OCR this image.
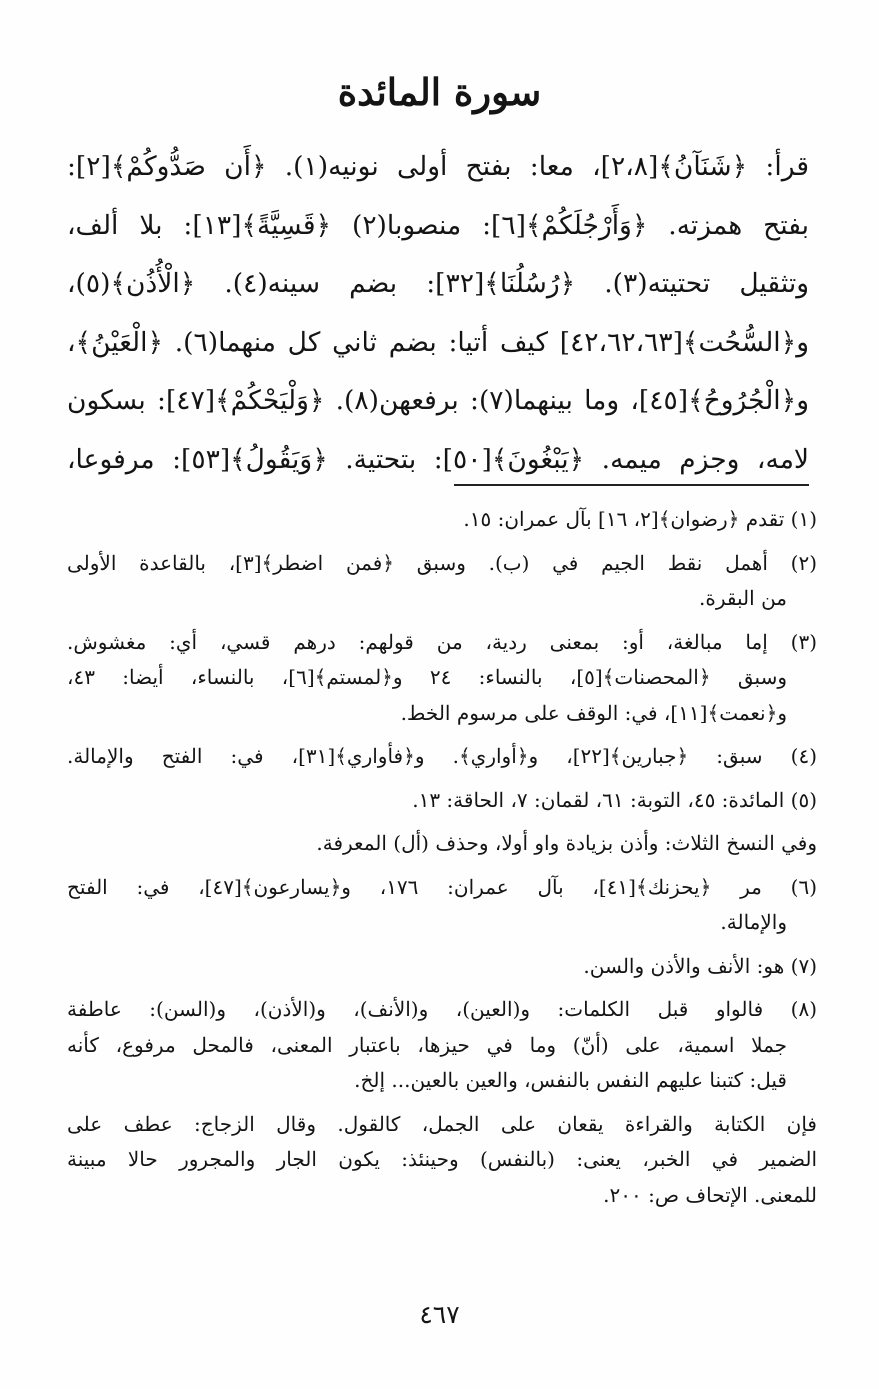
سورة المائدة
قرأ: ﴿شَنَآنُ﴾[٢،٨]، معا: بفتح أولى نونيه(١). ﴿أَن صَدُّوكُمْ﴾[٢]:
بفتح همزته. ﴿وَأَرْجُلَكُمْ﴾[٦]: منصوبا(٢) ﴿قَسِيَّةً﴾[١٣]: بلا ألف،
وتثقيل تحتيته(٣). ﴿رُسُلُنَا﴾[٣٢]: بضم سينه(٤). ﴿الْأُذُن﴾(٥)،
و﴿السُّحُت﴾[٤٢،٦٢،٦٣] كيف أتيا: بضم ثاني كل منهما(٦). ﴿الْعَيْنُ﴾،
و﴿الْجُرُوحُ﴾[٤٥]، وما بينهما(٧): برفعهن(٨). ﴿وَلْيَحْكُمْ﴾[٤٧]: بسكون
لامه، وجزم ميمه. ﴿يَبْغُونَ﴾[٥٠]: بتحتية. ﴿وَيَقُولُ﴾[٥٣]: مرفوعا،
(١) تقدم ﴿رضوان﴾[٢، ١٦] بآل عمران: ١٥.
(٢) أهمل نقط الجيم في (ب). وسبق ﴿فمن اضطر﴾[٣]، بالقاعدة الأولى
من البقرة.
(٣) إما مبالغة، أو: بمعنى ردية، من قولهم: درهم قسي، أي: مغشوش.
وسبق ﴿المحصنات﴾[٥]، بالنساء: ٢٤ و﴿لمستم﴾[٦]، بالنساء، أيضا: ٤٣،
و﴿نعمت﴾[١١]، في: الوقف على مرسوم الخط.
(٤) سبق: ﴿جبارين﴾[٢٢]، و﴿أواري﴾. و﴿فأواري﴾[٣١]، في: الفتح والإمالة.
(٥) المائدة: ٤٥، التوبة: ٦١، لقمان: ٧، الحاقة: ١٣.
وفي النسخ الثلاث: وأذن بزيادة واو أولا، وحذف (أل) المعرفة.
(٦) مر ﴿يحزنك﴾[٤١]، بآل عمران: ١٧٦، و﴿يسارعون﴾[٤٧]، في: الفتح
والإمالة.
(٧) هو: الأنف والأذن والسن.
(٨) فالواو قبل الكلمات: و(العين)، و(الأنف)، و(الأذن)، و(السن): عاطفة
جملا اسمية، على (أنّ) وما في حيزها، باعتبار المعنى، فالمحل مرفوع، كأنه
قيل: كتبنا عليهم النفس بالنفس، والعين بالعين... إلخ.
فإن الكتابة والقراءة يقعان على الجمل، كالقول. وقال الزجاج: عطف على
الضمير في الخبر، يعنى: (بالنفس) وحينئذ: يكون الجار والمجرور حالا مبينة
للمعنى. الإتحاف ص: ٢٠٠.
٤٦٧
